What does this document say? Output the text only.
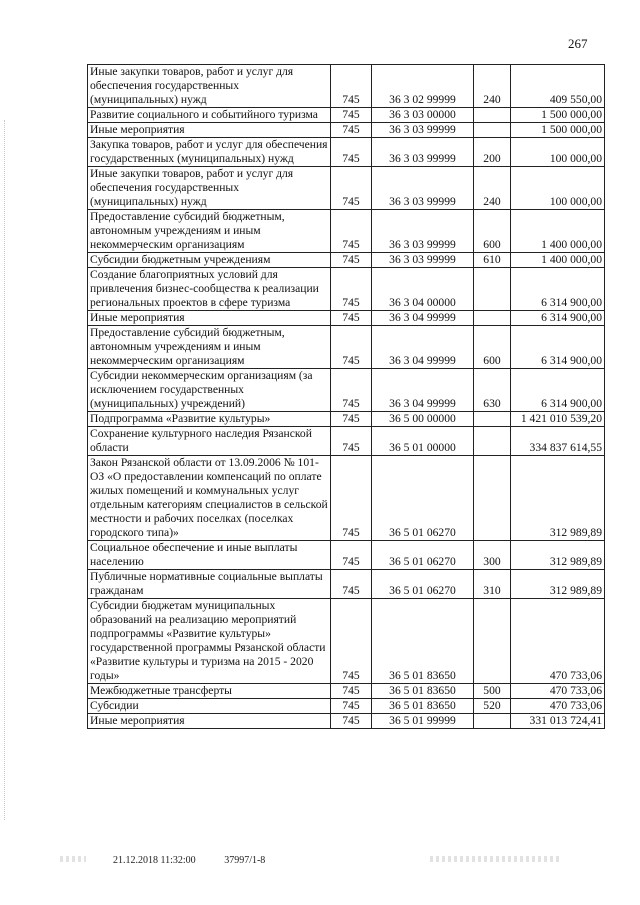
267
Иные закупки товаров, работ и услуг для обеспечения государственных (муниципальных) нужд	745	36 3 02 99999	240	409 550,00
Развитие социального и событийного туризма	745	36 3 03 00000		1 500 000,00
Иные мероприятия	745	36 3 03 99999		1 500 000,00
Закупка товаров, работ и услуг для обеспечения государственных (муниципальных) нужд	745	36 3 03 99999	200	100 000,00
Иные закупки товаров, работ и услуг для обеспечения государственных (муниципальных) нужд	745	36 3 03 99999	240	100 000,00
Предоставление субсидий бюджетным, автономным учреждениям и иным некоммерческим организациям	745	36 3 03 99999	600	1 400 000,00
Субсидии бюджетным учреждениям	745	36 3 03 99999	610	1 400 000,00
Создание благоприятных условий для привлечения бизнес-сообщества к реализации региональных проектов в сфере туризма	745	36 3 04 00000		6 314 900,00
Иные мероприятия	745	36 3 04 99999		6 314 900,00
Предоставление субсидий бюджетным, автономным учреждениям и иным некоммерческим организациям	745	36 3 04 99999	600	6 314 900,00
Субсидии некоммерческим организациям (за исключением государственных (муниципальных) учреждений)	745	36 3 04 99999	630	6 314 900,00
Подпрограмма «Развитие культуры»	745	36 5 00 00000		1 421 010 539,20
Сохранение культурного наследия Рязанской области	745	36 5 01 00000		334 837 614,55
Закон Рязанской области от 13.09.2006 № 101-ОЗ «О предоставлении компенсаций по оплате жилых помещений и коммунальных услуг отдельным категориям специалистов в сельской местности и рабочих поселках (поселках городского типа)»	745	36 5 01 06270		312 989,89
Социальное обеспечение и иные выплаты населению	745	36 5 01 06270	300	312 989,89
Публичные нормативные социальные выплаты гражданам	745	36 5 01 06270	310	312 989,89
Субсидии бюджетам муниципальных образований на реализацию мероприятий подпрограммы «Развитие культуры» государственной программы Рязанской области «Развитие культуры и туризма на 2015 - 2020 годы»	745	36 5 01 83650		470 733,06
Межбюджетные трансферты	745	36 5 01 83650	500	470 733,06
Субсидии	745	36 5 01 83650	520	470 733,06
Иные мероприятия	745	36 5 01 99999		331 013 724,41
21.12.2018 11:32:00	37997/1-8
